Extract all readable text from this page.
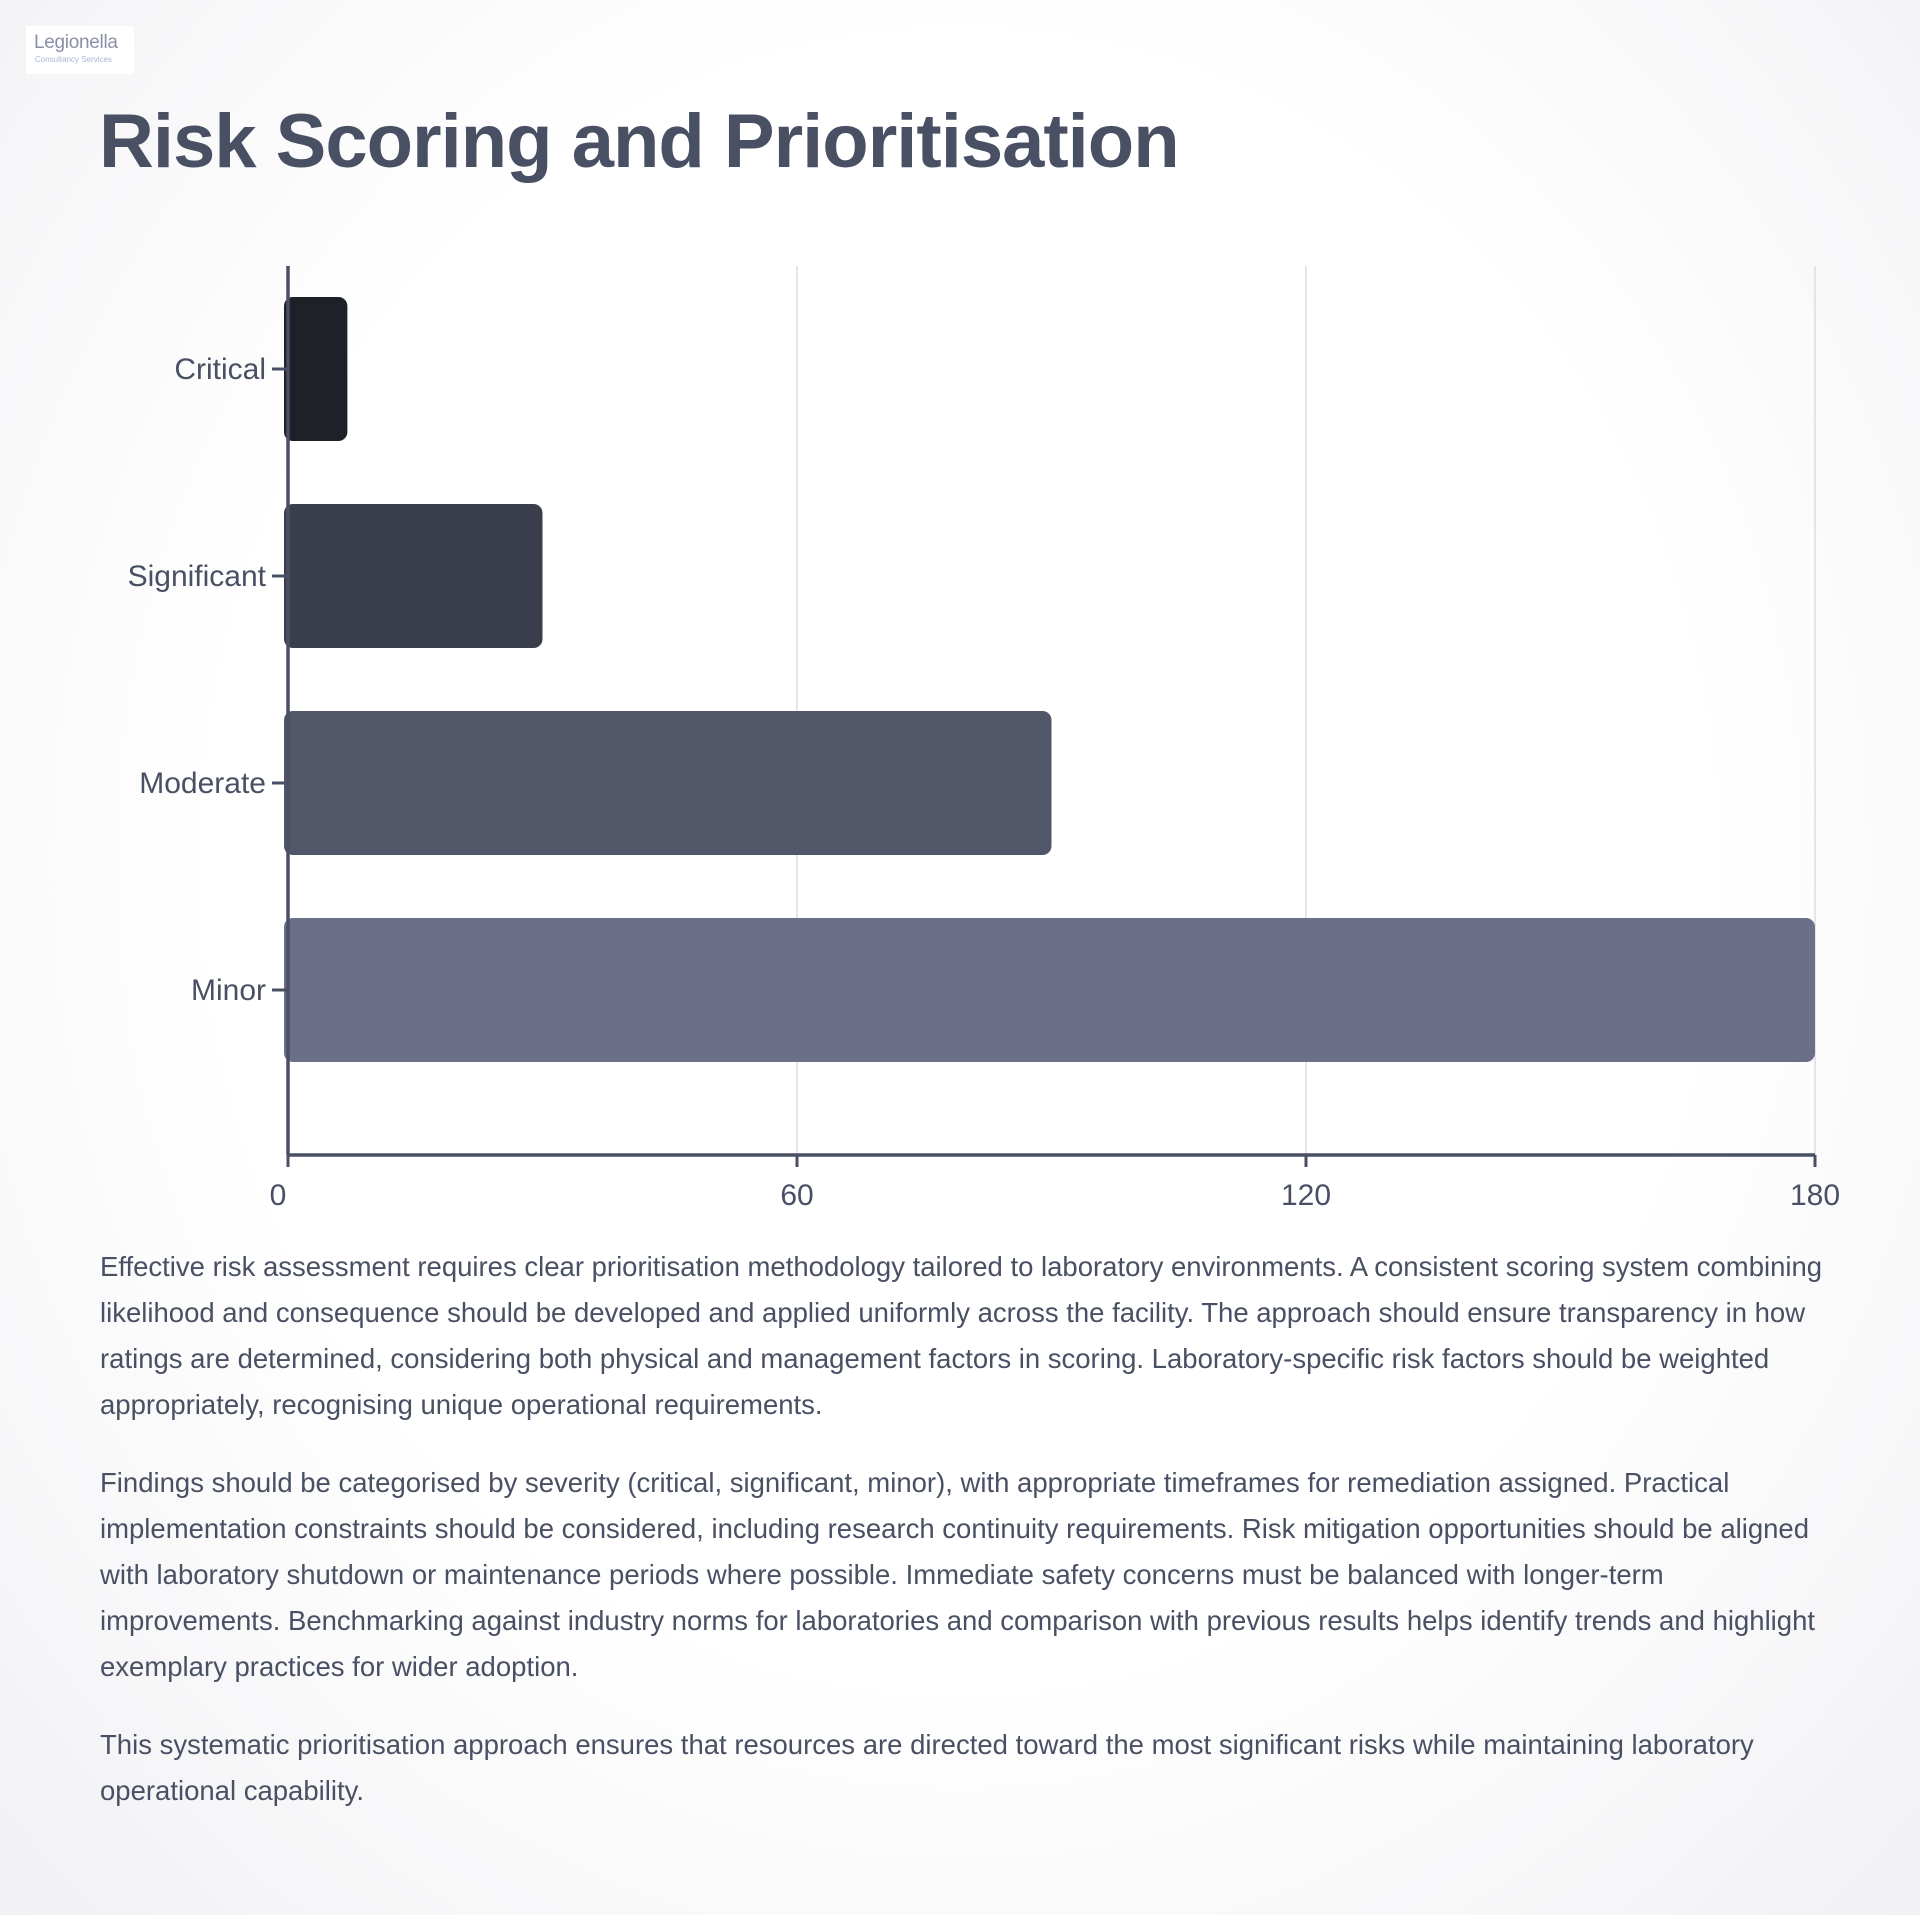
Legionella
Consultancy Services
Risk Scoring and Prioritisation
0	60	120	180
Critical
Significant
Moderate
Minor

Effective risk assessment requires clear prioritisation methodology tailored to laboratory environments. A consistent scoring system combining likelihood and consequence should be developed and applied uniformly across the facility. The approach should ensure transparency in how ratings are determined, considering both physical and management factors in scoring. Laboratory-specific risk factors should be weighted appropriately, recognising unique operational requirements.

Findings should be categorised by severity (critical, significant, minor), with appropriate timeframes for remediation assigned. Practical implementation constraints should be considered, including research continuity requirements. Risk mitigation opportunities should be aligned with laboratory shutdown or maintenance periods where possible. Immediate safety concerns must be balanced with longer-term improvements. Benchmarking against industry norms for laboratories and comparison with previous results helps identify trends and highlight exemplary practices for wider adoption.

This systematic prioritisation approach ensures that resources are directed toward the most significant risks while maintaining laboratory operational capability.
